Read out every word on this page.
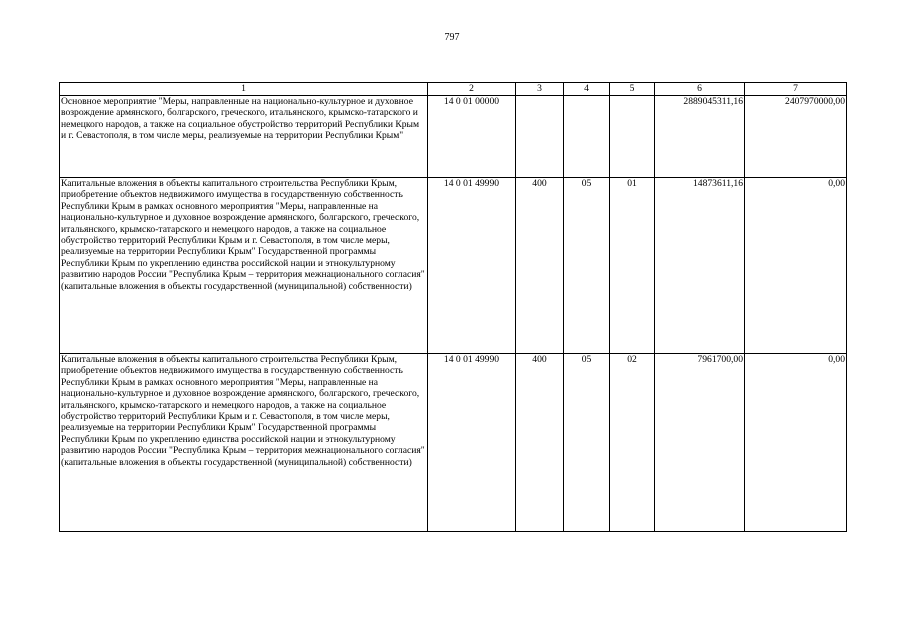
797
1	2	3	4	5	6	7
Основное мероприятие "Меры, направленные на национально-культурное и духовное возрождение армянского, болгарского, греческого, итальянского, крымско-татарского и немецкого народов, а также на социальное обустройство территорий Республики Крым и г. Севастополя, в том числе меры, реализуемые на территории Республики Крым"	14 0 01 00000				2889045311,16	2407970000,00
Капитальные вложения в объекты капитального строительства Республики Крым, приобретение объектов недвижимого имущества в государственную собственность Республики Крым в рамках основного мероприятия "Меры, направленные на национально-культурное и духовное возрождение армянского, болгарского, греческого, итальянского, крымско-татарского и немецкого народов, а также на социальное обустройство территорий Республики Крым и г. Севастополя, в том числе меры, реализуемые на территории Республики Крым" Государственной программы Республики Крым по укреплению единства российской нации и этнокультурному развитию народов России "Республика Крым – территория межнационального согласия" (капитальные вложения в объекты государственной (муниципальной) собственности)	14 0 01 49990	400	05	01	14873611,16	0,00
Капитальные вложения в объекты капитального строительства Республики Крым, приобретение объектов недвижимого имущества в государственную собственность Республики Крым в рамках основного мероприятия "Меры, направленные на национально-культурное и духовное возрождение армянского, болгарского, греческого, итальянского, крымско-татарского и немецкого народов, а также на социальное обустройство территорий Республики Крым и г. Севастополя, в том числе меры, реализуемые на территории Республики Крым" Государственной программы Республики Крым по укреплению единства российской нации и этнокультурному развитию народов России "Республика Крым – территория межнационального согласия" (капитальные вложения в объекты государственной (муниципальной) собственности)	14 0 01 49990	400	05	02	7961700,00	0,00
